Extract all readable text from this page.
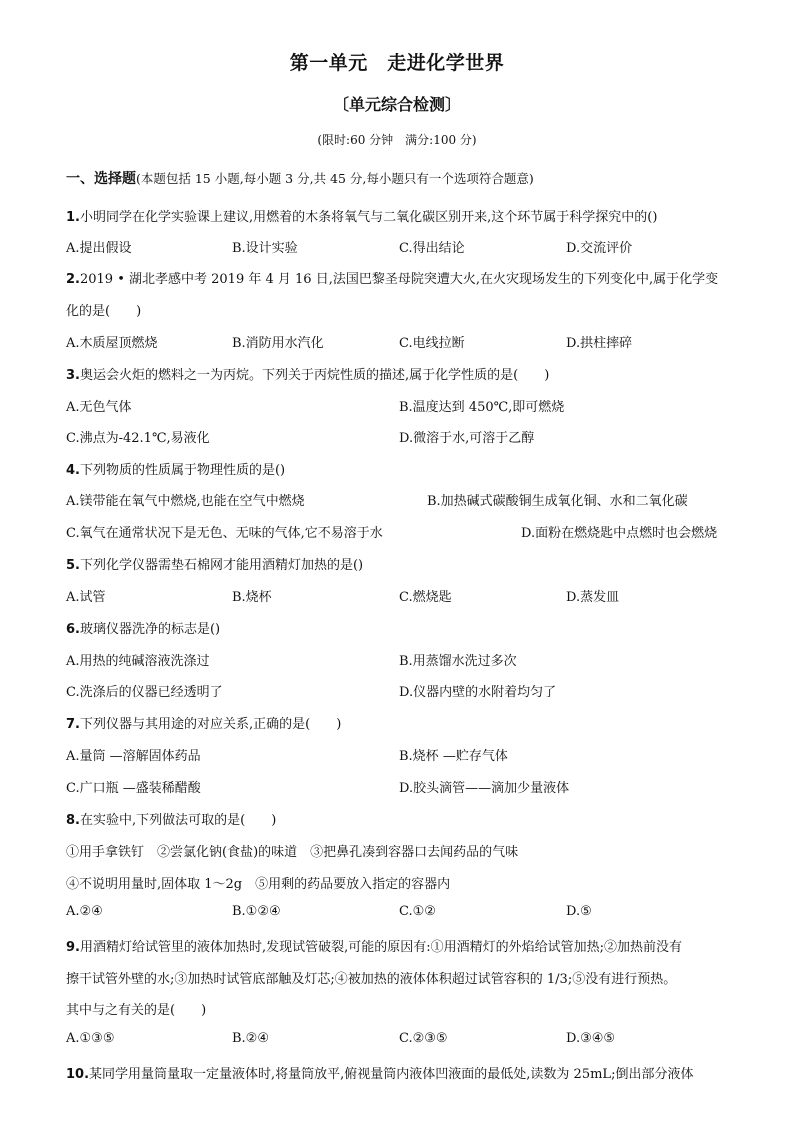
第一单元　走进化学世界
〔单元综合检测〕
(限时:60 分钟　满分:100 分)
一、选择题(本题包括 15 小题,每小题 3 分,共 45 分,每小题只有一个选项符合题意)
1.小明同学在化学实验课上建议,用燃着的木条将氧气与二氧化碳区别开来,这个环节属于科学探究中的()
A.提出假设	B.设计实验	C.得出结论	D.交流评价
2.2019 • 湖北孝感中考 2019 年 4 月 16 日,法国巴黎圣母院突遭大火,在火灾现场发生的下列变化中,属于化学变
化的是(　　)
A.木质屋顶燃烧	B.消防用水汽化	C.电线拉断	D.拱柱摔碎
3.奥运会火炬的燃料之一为丙烷。下列关于丙烷性质的描述,属于化学性质的是(　　)
A.无色气体	B.温度达到 450℃,即可燃烧
C.沸点为-42.1℃,易液化	D.微溶于水,可溶于乙醇
4.下列物质的性质属于物理性质的是()
A.镁带能在氧气中燃烧,也能在空气中燃烧	B.加热碱式碳酸铜生成氧化铜、水和二氧化碳
C.氧气在通常状况下是无色、无味的气体,它不易溶于水	D.面粉在燃烧匙中点燃时也会燃烧
5.下列化学仪器需垫石棉网才能用酒精灯加热的是()
A.试管	B.烧杯	C.燃烧匙	D.蒸发皿
6.玻璃仪器洗净的标志是()
A.用热的纯碱溶液洗涤过	B.用蒸馏水洗过多次
C.洗涤后的仪器已经透明了	D.仪器内壁的水附着均匀了
7.下列仪器与其用途的对应关系,正确的是(　　)
A.量筒 —溶解固体药品	B.烧杯 —贮存气体
C.广口瓶 —盛装稀醋酸	D.胶头滴管——滴加少量液体
8.在实验中,下列做法可取的是(　　)
①用手拿铁钉　②尝氯化钠(食盐)的味道　③把鼻孔凑到容器口去闻药品的气味
④不说明用量时,固体取 1～2g　⑤用剩的药品要放入指定的容器内
A.②④	B.①②④	C.①②	D.⑤
9.用酒精灯给试管里的液体加热时,发现试管破裂,可能的原因有:①用酒精灯的外焰给试管加热;②加热前没有
擦干试管外壁的水;③加热时试管底部触及灯芯;④被加热的液体体积超过试管容积的 1/3;⑤没有进行预热。
其中与之有关的是(　　)
A.①③⑤	B.②④	C.②③⑤	D.③④⑤
10.某同学用量筒量取一定量液体时,将量筒放平,俯视量筒内液体凹液面的最低处,读数为 25mL;倒出部分液体
